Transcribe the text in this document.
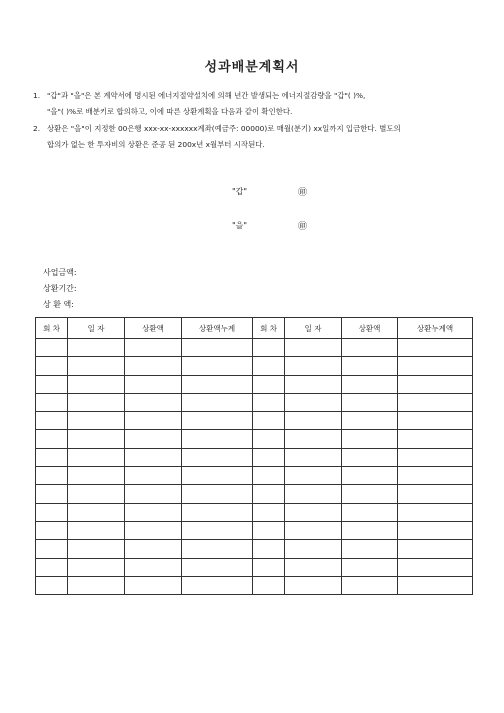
성과배분계획서
1. "갑"과 "을"은 본 계약서에 명시된 에너지절약설치에 의해 년간 발생되는 에너지절감량을 "갑"( )%,
"을"( )%로 배분키로 합의하고, 이에 따른 상환계획을 다음과 같이 확인한다.
2. 상환은 "을"이 지정한 00은행 xxx-xx-xxxxxx계좌(예금주: 00000)로 매월(분기) xx일까지 입금한다. 별도의
합의가 없는 한 투자비의 상환은 준공 된 200x년 x월부터 시작된다.
"갑"	㊞
"을"	㊞
사업금액:
상환기간:
상 환 액:
회 차	일 자	상환액	상환액누계	회 차	일 자	상환액	상환누계액
